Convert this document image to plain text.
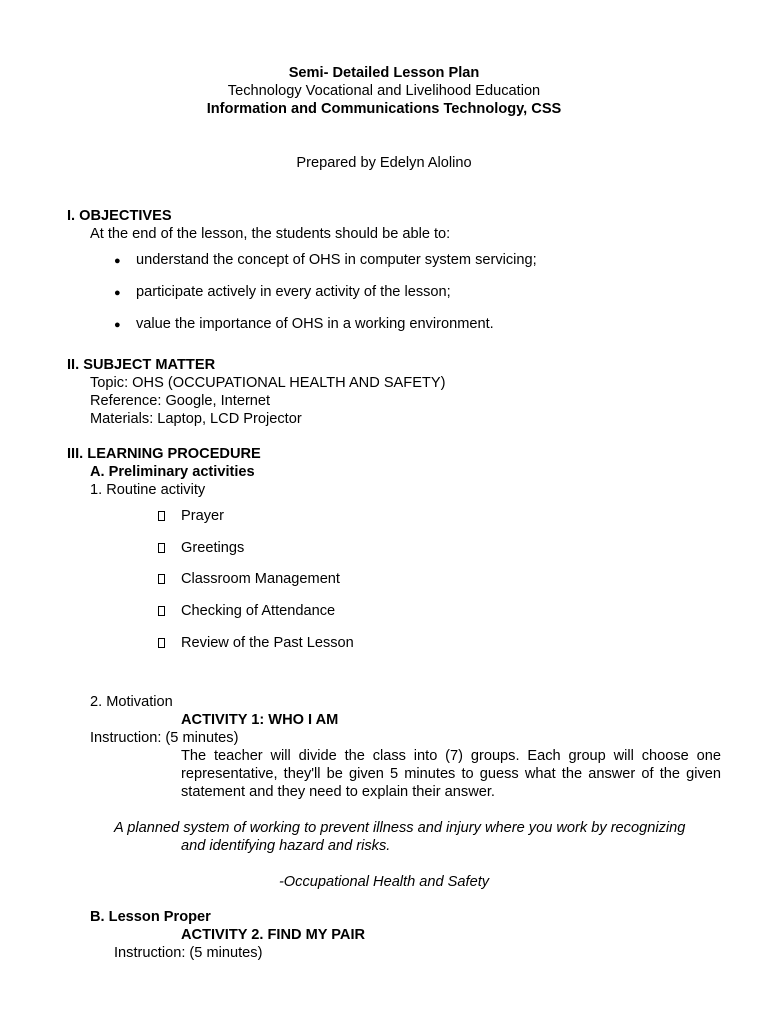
Semi- Detailed Lesson Plan
Technology Vocational and Livelihood Education
Information and Communications Technology, CSS
Prepared by Edelyn Alolino
I. OBJECTIVES
At the end of the lesson, the students should be able to:
● understand the concept of OHS in computer system servicing;
● participate actively in every activity of the lesson;
● value the importance of OHS in a working environment.
II. SUBJECT MATTER
Topic: OHS (OCCUPATIONAL HEALTH AND SAFETY)
Reference: Google, Internet
Materials: Laptop, LCD Projector
III. LEARNING PROCEDURE
A. Preliminary activities
1. Routine activity
Prayer
Greetings
Classroom Management
Checking of Attendance
Review of the Past Lesson
2. Motivation
ACTIVITY 1: WHO I AM
Instruction: (5 minutes)
The teacher will divide the class into (7) groups. Each group will choose one representative, they'll be given 5 minutes to guess what the answer of the given statement and they need to explain their answer.
A planned system of working to prevent illness and injury where you work by recognizing
and identifying hazard and risks.
-Occupational Health and Safety
B. Lesson Proper
ACTIVITY 2. FIND MY PAIR
Instruction: (5 minutes)
